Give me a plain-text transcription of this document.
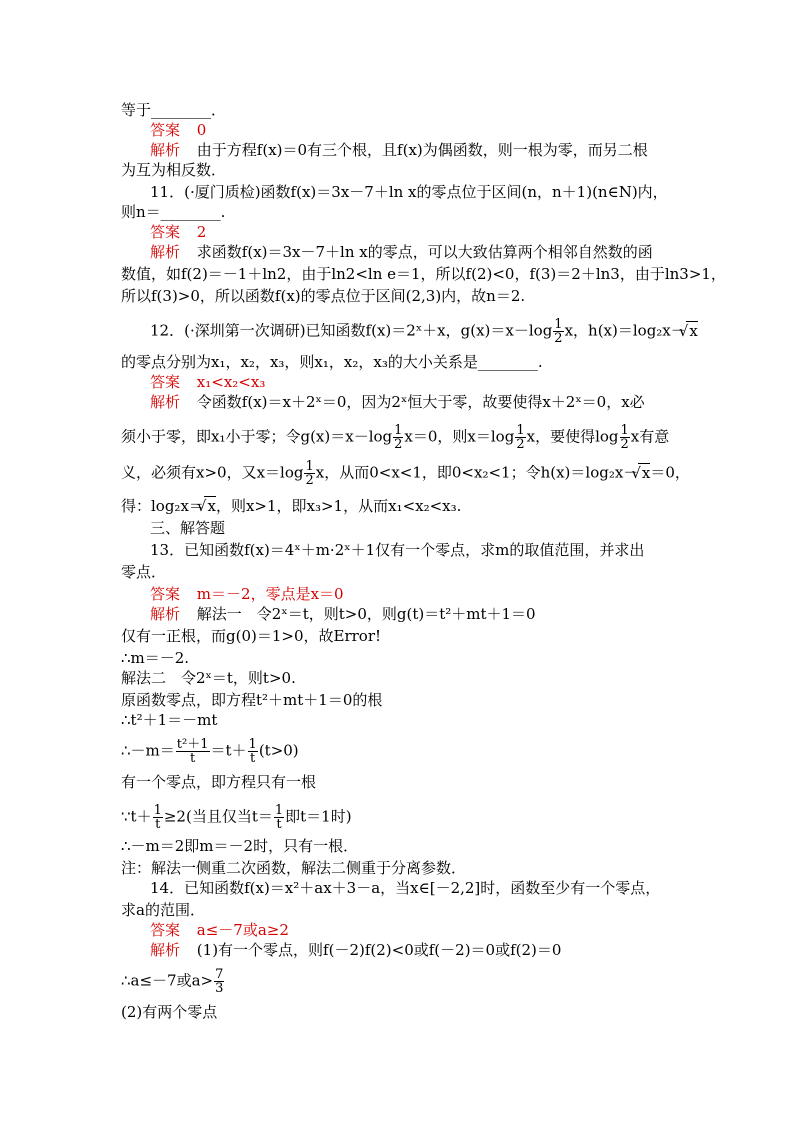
等于________．
答案 0
解析 由于方程f(x)＝0有三个根，且f(x)为偶函数，则一根为零，而另二根
为互为相反数．
11．(·厦门质检)函数f(x)＝3x－7＋ln x的零点位于区间(n，n＋1)(n∈N)内，
则n＝________.
答案 2
解析 求函数f(x)＝3x－7＋ln x的零点，可以大致估算两个相邻自然数的函
数值，如f(2)＝－1＋ln2，由于ln2<ln e＝1，所以f(2)<0，f(3)＝2＋ln3，由于ln3>1，
所以f(3)>0，所以函数f(x)的零点位于区间(2,3)内，故n＝2.
12．(·深圳第一次调研)已知函数f(x)＝2ˣ＋x，$g(x)=x-\log \frac{1}{2}$ x，h(x)＝log₂x－ √ x
的零点分别为x₁，x₂，x₃，则x₁，x₂，x₃的大小关系是________.
答案 x₁<x₂<x₃
解析 令函数f(x)＝x＋2ˣ＝0，因为2ˣ恒大于零，故要使得x＋2ˣ＝0，x必
须小于零，即x₁小于零；令$g(x)=x-\log \frac{1}{2} x=0$，则$x=\log \frac{1}{2}$ x，要使得$\log \frac{1}{2}$ x有意
义，必须有x>0，又$x=\log \frac{1}{2}$ x，从而0<x<1，即0<x₂<1；令h(x)＝log₂x－ √ x＝0，
得：log₂x＝ √ x，则x>1，即x₃>1，从而x₁<x₂<x₃.
三、解答题
13．已知函数f(x)＝4ˣ＋m·2ˣ＋1仅有一个零点，求m的取值范围，并求出
零点．
答案 m＝－2，零点是x＝0
解析 解法一　令2ˣ＝t，则t>0，则g(t)＝t²＋mt＋1＝0
仅有一正根，而g(0)＝1>0，故Error!
∴m＝－2.
解法二　令2ˣ＝t，则t>0.
原函数零点，即方程t²＋mt＋1＝0的根
∴t²＋1＝－mt
∴－m＝ $\frac{\text{t²＋1}}{t} =t+ \frac{1}{t} (t>0)$
有一个零点，即方程只有一根
∵t＋ $\frac{1}{t} \ge 2$(当且仅当$t= \frac{1}{t}$ 即t＝1时)
∴－m＝2即m＝－2时，只有一根．
注：解法一侧重二次函数，解法二侧重于分离参数．
14．已知函数f(x)＝x²＋ax＋3－a，当x∈[－2,2]时，函数至少有一个零点，
求a的范围．
答案 a≤－7或a≥2
解析 (1)有一个零点，则f(－2)f(2)<0或f(－2)＝0或f(2)＝0
∴a≤－7或$a> \frac{7}{3}$
(2)有两个零点
